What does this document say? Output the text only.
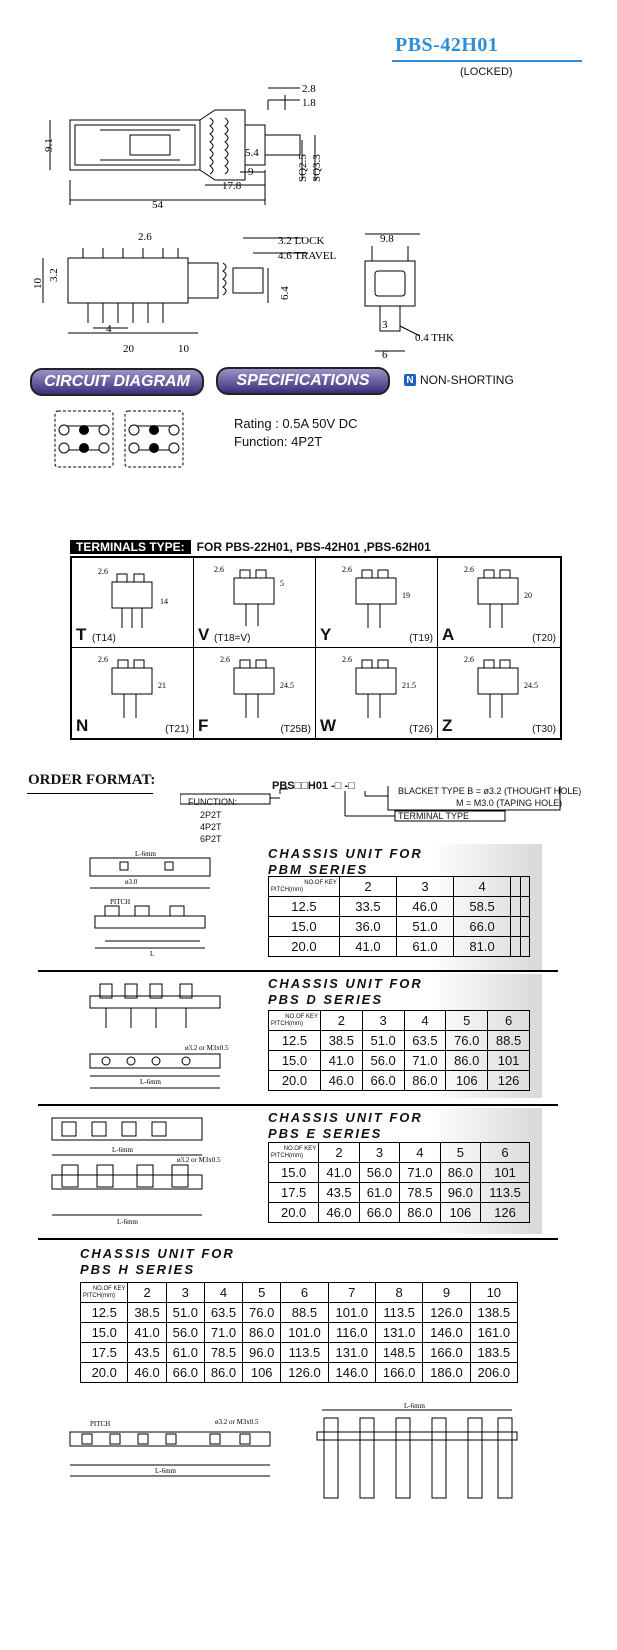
PBS-42H01
(LOCKED)
2.8
1.8
9.1
5.4
9
17.8
SQ2.5 SQ3.3
54
2.6	3.2 LOCK
4.6 TRAVEL
10
3.2
6.4
4
20	10
9.8
3
0.4 THK
6
CIRCUIT DIAGRAM	SPECIFICATIONS	N NON-SHORTING
Rating : 0.5A 50V DC
Function: 4P2T
TERMINALS TYPE:	FOR PBS-22H01, PBS-42H01 ,PBS-62H01
2.6
14
T (T14)
2.6
5
V (T18=V)
2.6
19
Y	(T19)
2.6
20
A	(T20)
2.6
21
N	(T21)
2.6
24.5
F	(T25B)
2.6
21.5
W	(T26)
2.6
24.5
Z	(T30)
ORDER FORMAT:	PBS□□H01 -□ -□
FUNCTION:
2P2T
4P2T
6P2T
BLACKET TYPE B = ø3.2 (THOUGHT HOLE)
M = M3.0 (TAPING HOLE)
TERMINAL TYPE
L-6mm
ø3.0
PITCH
L
CHASSIS UNIT FOR
PBM SERIES
NO.OF KEY
PITCH(mm)	2	3	4		
12.5	33.5	46.0	58.5		
15.0	36.0	51.0	66.0		
20.0	41.0	61.0	81.0		
ø3.2 or M3x0.5
L-6mm
CHASSIS UNIT FOR
PBS D SERIES
NO.OF KEY
PITCH(mm)	2	3	4	5	6
12.5	38.5	51.0	63.5	76.0	88.5
15.0	41.0	56.0	71.0	86.0	101
20.0	46.0	66.0	86.0	106	126
ø3.2 or M3x0.5
L-6mm
L-6mm
CHASSIS UNIT FOR
PBS E SERIES
NO.OF KEY
PITCH(mm)	2	3	4	5	6
15.0	41.0	56.0	71.0	86.0	101
17.5	43.5	61.0	78.5	96.0	113.5
20.0	46.0	66.0	86.0	106	126
CHASSIS UNIT FOR
PBS H SERIES
NO.OF KEY
PITCH(mm)	2	3	4	5	6	7	8	9	10
12.5	38.5	51.0	63.5	76.0	88.5	101.0	113.5	126.0	138.5
15.0	41.0	56.0	71.0	86.0	101.0	116.0	131.0	146.0	161.0
17.5	43.5	61.0	78.5	96.0	113.5	131.0	148.5	166.0	183.5
20.0	46.0	66.0	86.0	106	126.0	146.0	166.0	186.0	206.0
PITCH	ø3.2 or M3x0.5
L-6mm
L-6mm
